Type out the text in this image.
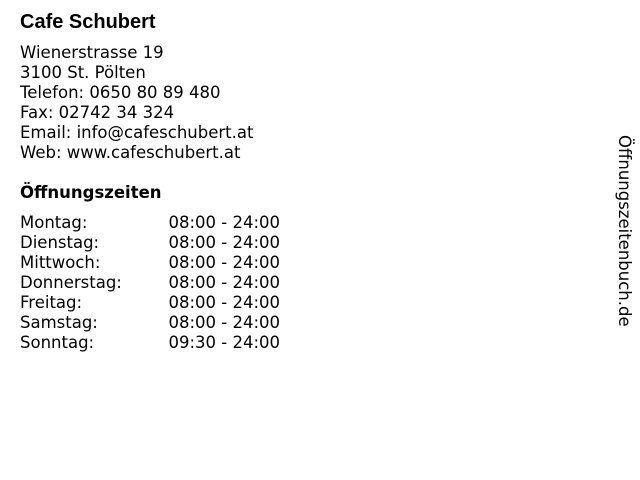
Cafe Schubert
Wienerstrasse 19
3100 St. Pölten
Telefon: 0650 80 89 480
Fax: 02742 34 324
Email: info@cafeschubert.at
Web: www.cafeschubert.at
Öffnungszeiten
Montag:	08:00 - 24:00
Dienstag:	08:00 - 24:00
Mittwoch:	08:00 - 24:00
Donnerstag:	08:00 - 24:00
Freitag:	08:00 - 24:00
Samstag:	08:00 - 24:00
Sonntag:	09:30 - 24:00
Öffnungszeitenbuch.de
